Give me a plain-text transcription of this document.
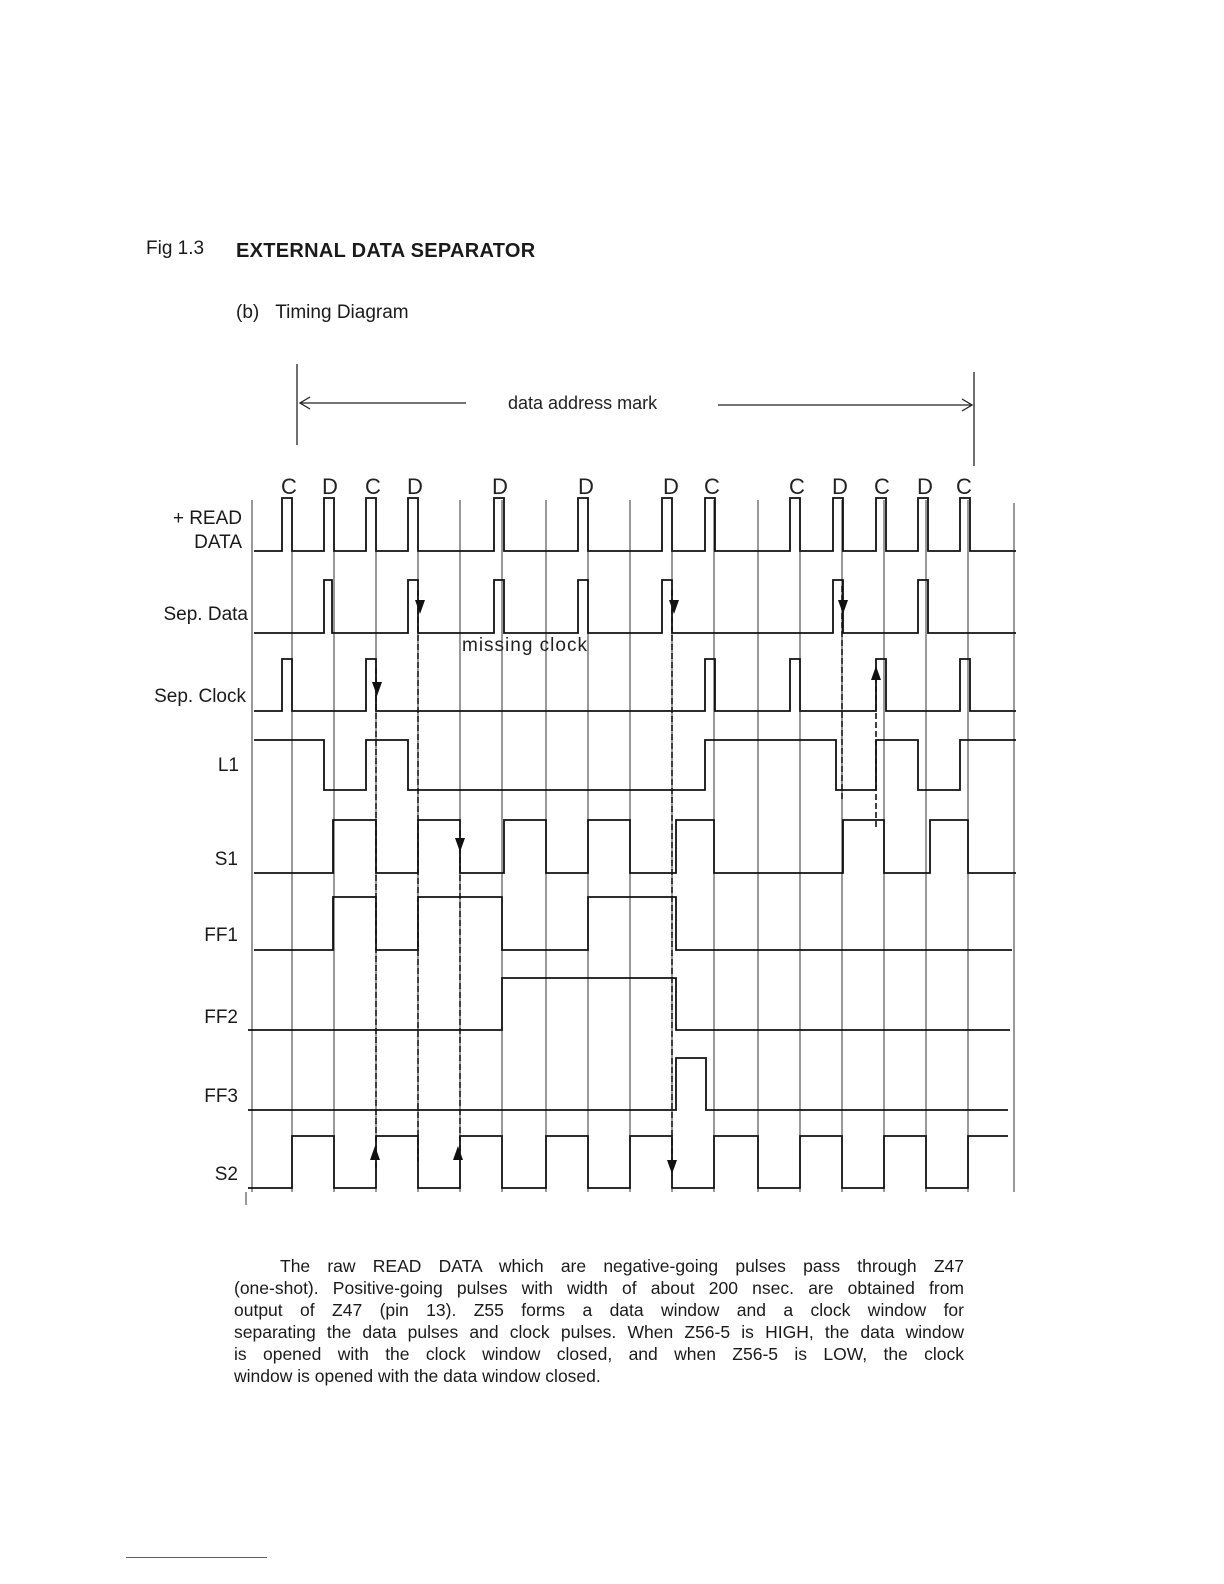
Fig 1.3 EXTERNAL DATA SEPARATOR
(b) Timing Diagram
+ READ
DATA
Sep. Data
Sep. Clock
L1
S1
FF1
FF2
FF3
S2
data address mark
C D C D	D	D	D C	C D C D C
missing clock

The raw READ DATA which are negative-going pulses pass through Z47
(one-shot). Positive-going pulses with width of about 200 nsec. are obtained from
output of Z47 (pin 13). Z55 forms a data window and a clock window for
separating the data pulses and clock pulses. When Z56-5 is HIGH, the data window
is opened with the clock window closed, and when Z56-5 is LOW, the clock
window is opened with the data window closed.
